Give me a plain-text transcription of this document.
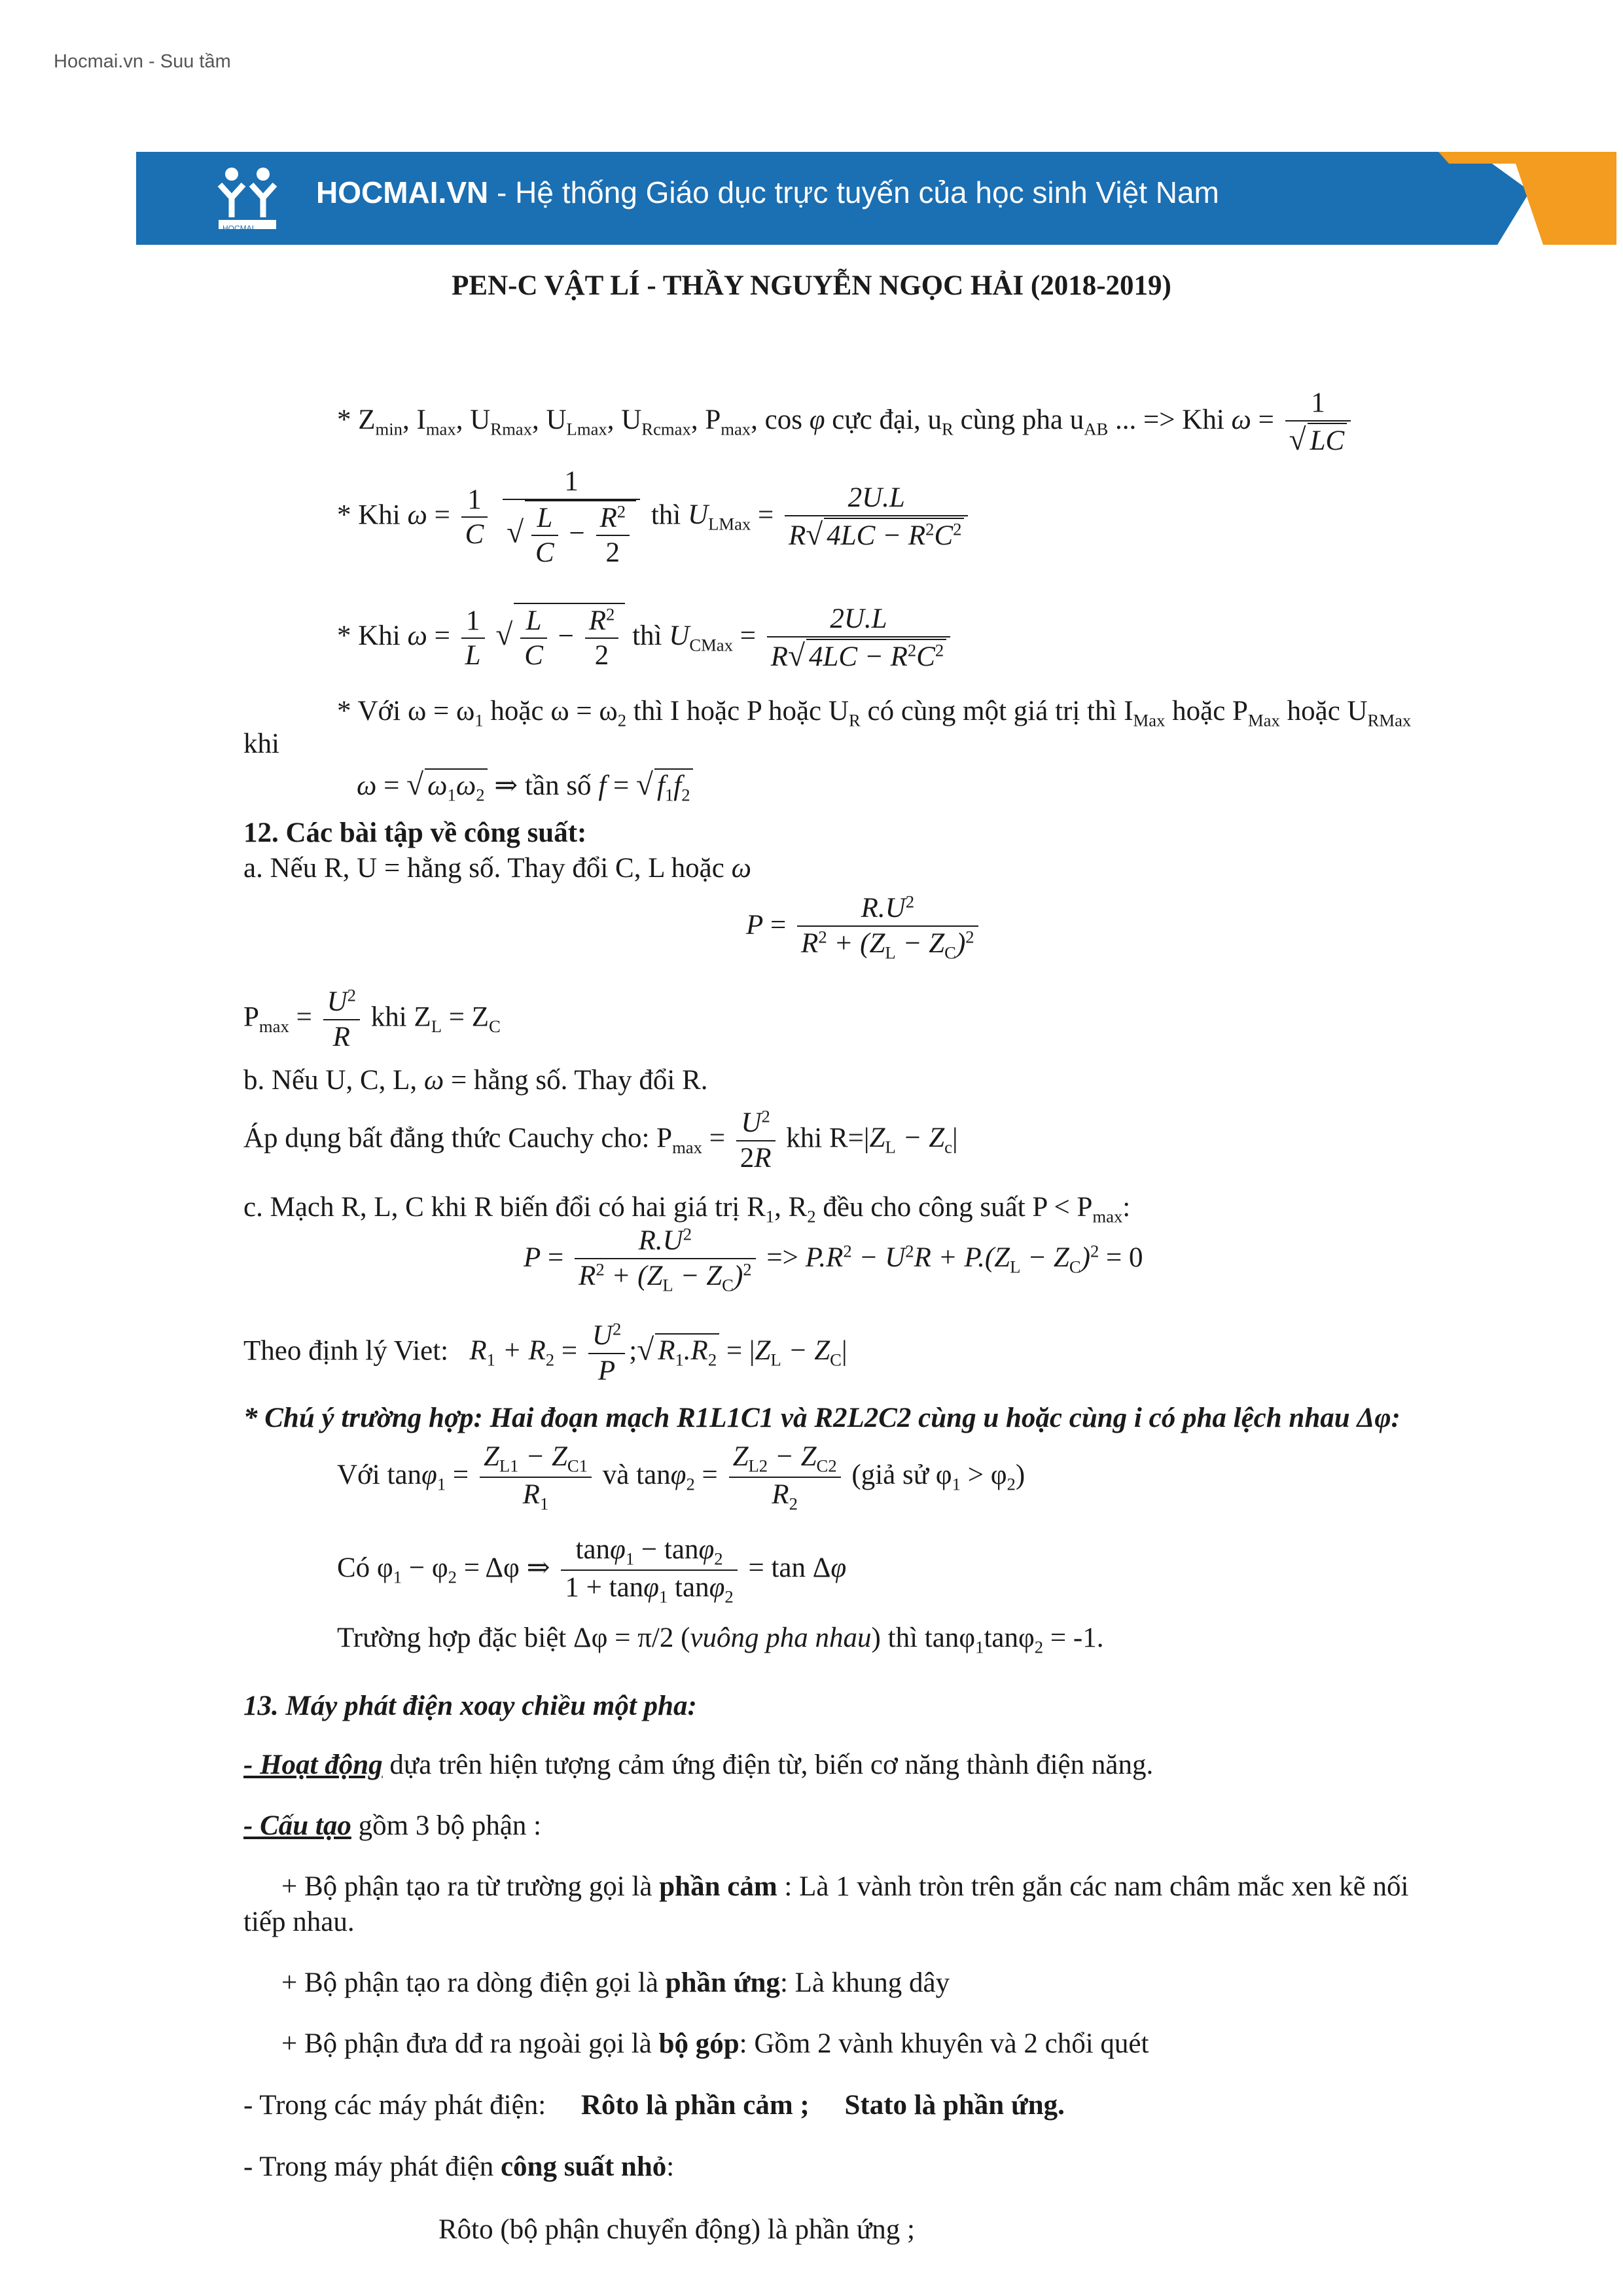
Hocmai.vn - Suu tầm
HOCMAI.VN - Hệ thống Giáo dục trực tuyến của học sinh Việt Nam
PEN-C VẬT LÍ - THẦY NGUYỄN NGỌC HẢI (2018-2019)
* $Z_{min}$, $I_{max}$, $U_{Rmax}$, $U_{Lmax}$, $U_{Rcmax}$, $P_{max}$, cos φ cực đại, $u_R$ cùng pha $u_{AB}$ ... => Khi $\omega = \frac{1}{√ LC}$
* Khi $\omega = \frac{1}{C}$
$\frac{1}{√ \frac{L}{C} - \frac{R^2}{2}}$ thì $U_{LMax} = \frac{2U.L}{R√ 4LC - R^2C^2}$
* Khi $\omega = \frac{1}{L}$ √ $\frac{L}{C} - \frac{R^2}{2}$ thì $U_{CMax} = \frac{2U.L}{R√ 4LC - R^2C^2}$
* Với $\omega = \omega_1$ hoặc $\omega = \omega_2$ thì I hoặc P hoặc $U_R$ có cùng một giá trị thì $I_{Max}$ hoặc $P_{Max}$ hoặc $U_{RMax}$
khi
ω = √ $\omega_1\omega_2$ ⇒ tần số f = √ $f_1f_2$
12. Các bài tập về công suất:
a. Nếu R, U = hằng số. Thay đổi C, L hoặc ω
$P = \frac{R.U^2}{R^2 + (Z_L - Z_C)^2}$
$P_{max} = \frac{U^2}{R}$ khi $Z_L = Z_C$
b. Nếu U, C, L, ω = hằng số. Thay đổi R.
Áp dụng bất đẳng thức Cauchy cho: $P_{max} = \frac{U^2}{2R}$ khi $R=|Z_L - Z_c|$
c. Mạch R, L, C khi R biến đổi có hai giá trị $R_1$, $R_2$ đều cho công suất $P < P_{max}$:
$P = \frac{R.U^2}{R^2 + (Z_L - Z_C)^2} => P.R^2 - U^2R + P.(Z_L - Z_C)^2 = 0$
Theo định lý Viet: $R_1 + R_2 = \frac{U^2}{P}$ ;√ $R_1.R_2 = |Z_L - Z_C|$
* Chú ý trường hợp: Hai đoạn mạch R1L1C1 và R2L2C2 cùng u hoặc cùng i có pha lệch nhau Δφ:
Với $\tan\varphi_1 = \frac{Z_{L1} - Z_{C1}}{R_1}$ và $\tan\varphi_2 = \frac{Z_{L2} - Z_{C2}}{R_2}$ (giả sử $\varphi_1 > \varphi_2$)
Có $\varphi_1 - \varphi_2 = \Delta\varphi$ ⇒ $\frac{\tan\varphi_1 - \tan\varphi_2}{1 + \tan\varphi_1 \tan\varphi_2} = \tan \Delta\varphi$
Trường hợp đặc biệt Δφ = π/2 (vuông pha nhau) thì tanφ$_1$tanφ$_2$ = -1.
13. Máy phát điện xoay chiều một pha:
- Hoạt động dựa trên hiện tượng cảm ứng điện từ, biến cơ năng thành điện năng.
- Cấu tạo gồm 3 bộ phận :
+ Bộ phận tạo ra từ trường gọi là phần cảm : Là 1 vành tròn trên gắn các nam châm mắc xen kẽ nối
tiếp nhau.
+ Bộ phận tạo ra dòng điện gọi là phần ứng: Là khung dây
+ Bộ phận đưa dđ ra ngoài gọi là bộ góp: Gồm 2 vành khuyên và 2 chổi quét
- Trong các máy phát điện: Rôto là phần cảm ; Stato là phần ứng.
- Trong máy phát điện công suất nhỏ:
Rôto (bộ phận chuyển động) là phần ứng ;
HOCMAI
